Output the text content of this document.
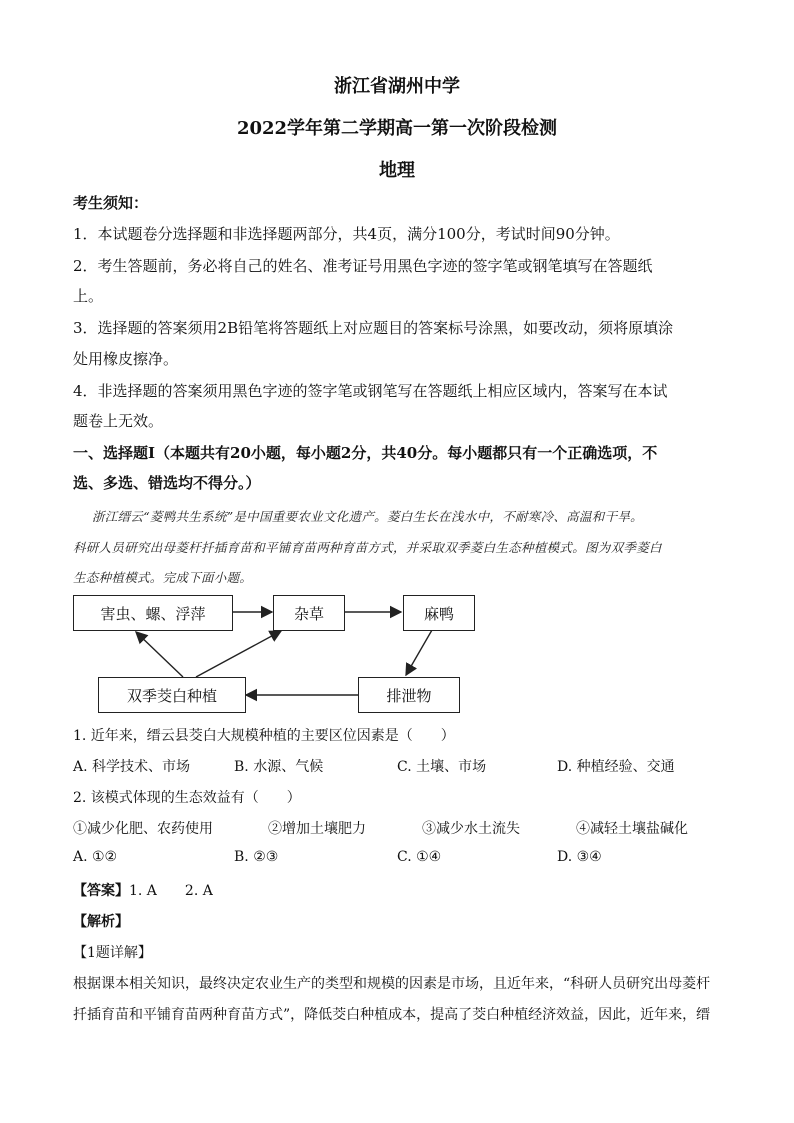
浙江省湖州中学
2022学年第二学期高一第一次阶段检测
地理
考生须知：
1．本试题卷分选择题和非选择题两部分，共4页，满分100分，考试时间90分钟。
2．考生答题前，务必将自己的姓名、准考证号用黑色字迹的签字笔或钢笔填写在答题纸
上。
3．选择题的答案须用2B铅笔将答题纸上对应题目的答案标号涂黑，如要改动，须将原填涂
处用橡皮擦净。
4．非选择题的答案须用黑色字迹的签字笔或钢笔写在答题纸上相应区域内，答案写在本试
题卷上无效。
一、选择题Ⅰ（本题共有20小题，每小题2分，共40分。每小题都只有一个正确选项，不
选、多选、错选均不得分。）
浙江缙云“菱鸭共生系统”是中国重要农业文化遗产。菱白生长在浅水中，不耐寒冷、高温和干旱。
科研人员研究出母菱杆扦插育苗和平铺育苗两种育苗方式，并采取双季菱白生态种植模式。图为双季菱白
生态种植模式。完成下面小题。
害虫、螺、浮萍	杂草	麻鸭
排泄物
双季茭白种植
1. 近年来，缙云县茭白大规模种植的主要区位因素是（　　）
A. 科学技术、市场	B. 水源、气候	C. 土壤、市场	D. 种植经验、交通
2. 该模式体现的生态效益有（　　）
①减少化肥、农药使用	②增加土壤肥力	③减少水土流失	④减轻土壤盐碱化
A. ①②	B. ②③	C. ①④	D. ③④
【答案】1. A　　2. A
【解析】
【1题详解】
根据课本相关知识，最终决定农业生产的类型和规模的因素是市场，且近年来，“科研人员研究出母菱杆
扦插育苗和平铺育苗两种育苗方式”，降低茭白种植成本，提高了茭白种植经济效益，因此，近年来，缙
